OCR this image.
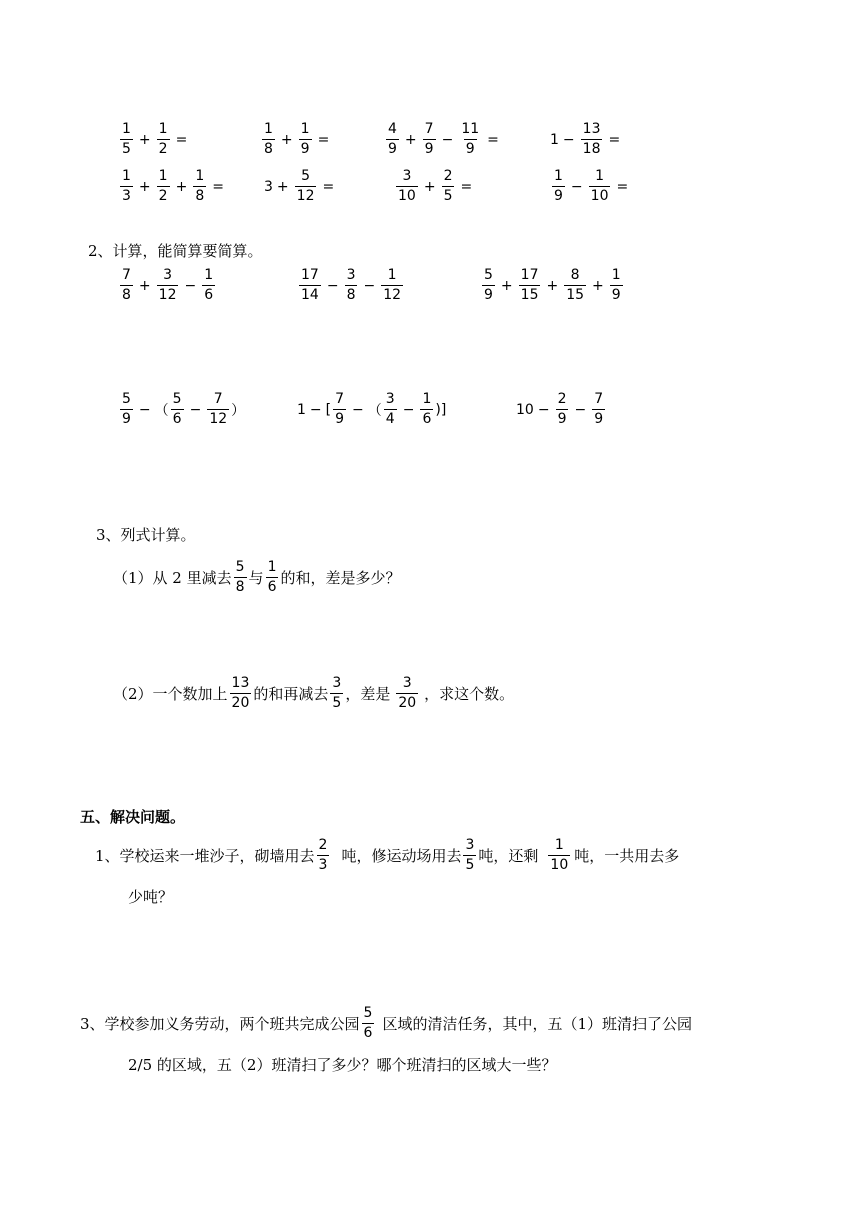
$\frac{1}{5} + \frac{1}{2}$ =	$\frac{1}{8} + \frac{1}{9}$ =	$\frac{4}{9} + \frac{7}{9} - \frac{11}{9}$ =	$1 - \frac{13}{18}$ =
$\frac{1}{3} + \frac{1}{2} + \frac{1}{8}$ =	$3 + \frac{5}{12}$ =	$\frac{3}{10} + \frac{2}{5}$ =	$\frac{1}{9} - \frac{1}{10}$ =
2、计算，能简算要简算。
$\frac{7}{8} + \frac{3}{12} - \frac{1}{6}$	$\frac{17}{14} - \frac{3}{8} - \frac{1}{12}$	$\frac{5}{9} + \frac{17}{15} + \frac{8}{15} + \frac{1}{9}$
$\frac{5}{9}$ − （ $\frac{5}{6} - \frac{7}{12}$ ）	1 − [ $\frac{7}{9}$ − （ $\frac{3}{4} - \frac{1}{6}$ )]	$10 - \frac{2}{9} - \frac{7}{9}$
3、列式计算。
（1）从 2 里减去 $\frac{5}{8}$ 与 $\frac{1}{6}$ 的和，差是多少？
（2）一个数加上 $\frac{13}{20}$ 的和再减去 $\frac{3}{5}$ ，差是 $\frac{3}{20}$ ，求这个数。
五、解决问题。
1、学校运来一堆沙子，砌墙用去 $\frac{2}{3}$ 吨，修运动场用去 $\frac{3}{5}$ 吨，还剩 $\frac{1}{10}$ 吨，一共用去多
少吨？
3、学校参加义务劳动，两个班共完成公园 $\frac{5}{6}$ 区域的清洁任务，其中，五（1）班清扫了公园
2/5 的区域，五（2）班清扫了多少？哪个班清扫的区域大一些？
